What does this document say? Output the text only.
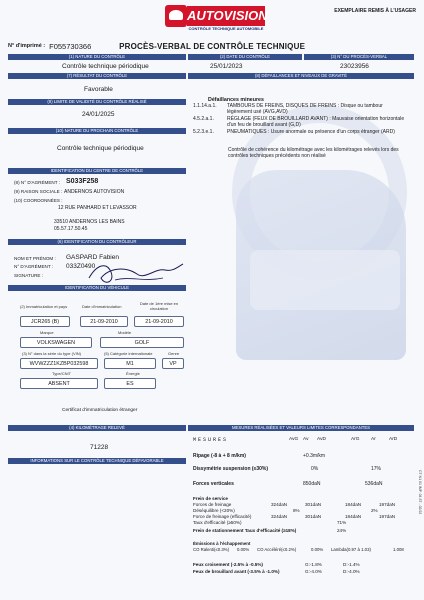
AUTOVISION
CONTRÔLE TECHNIQUE AUTOMOBILE
EXEMPLAIRE REMIS À L'USAGER
N° d'imprimé : F055730366	PROCÈS-VERBAL DE CONTRÔLE TECHNIQUE
(1) NATURE DU CONTRÔLE	(2) DATE DU CONTRÔLE	(3) N° DU PROCÈS-VERBAL
Contrôle technique périodique	25/01/2023	23023956
(7) RÉSULTAT DU CONTRÔLE	(8) DÉFAILLANCES ET NIVEAUX DE GRAVITÉ
Favorable
(9) LIMITE DE VALIDITÉ DU CONTRÔLE RÉALISÉ
24/01/2025
(10) NATURE DU PROCHAIN CONTRÔLE
Contrôle technique périodique
Défaillances mineures
1.1.14.a.1. TAMBOURS DE FREINS, DISQUES DE FREINS : Disque ou tambour légèrement usé (AVG,AVD)
4.5.2.a.1.	RÉGLAGE (FEUX DE BROUILLARD AVANT) : Mauvaise orientation horizontale d'un feu de brouillard avant (G,D)
5.2.3.e.1.	PNEUMATIQUES : Usure anormale ou présence d'un corps étranger (ARD)
Contrôle de cohérence du kilométrage avec les kilométrages relevés lors des contrôles techniques précédents non réalisé
IDENTIFICATION DU CENTRE DE CONTRÔLE
(8) N° D'AGRÉMENT : S033F258
(9) RAISON SOCIALE : ANDERNOS AUTOVISION
(10) COORDONNÉES :
12 RUE PANHARD ET LEVASSOR
33510 ANDERNOS LES BAINS
05.57.17.50.45
(6) IDENTIFICATION DU CONTRÔLEUR
NOM ET PRÉNOM : GASPARD Fabien
N° D'AGRÉMENT : 033Z0490
SIGNATURE :
IDENTIFICATION DU VÉHICULE
(2) Immatriculation et pays	Date d'immatriculation
Date de 1ère mise en circulation
JCR265 (B)	21-09-2010	21-09-2010
Marque	Modèle
VOLKSWAGEN	GOLF
(3) N° dans la série du type (VIN)	(5) Catégorie internationale	Genre
WVWZZZ1KZBP032598	M1	VP
Type/CNIT	Énergie
ABSENT	ES
Certificat d'immatriculation étranger
(4) KILOMÉTRAGE RELEVÉ
71228
INFORMATIONS SUR LE CONTRÔLE TECHNIQUE DÉFAVORABLE
MESURES RÉALISÉES ET VALEURS LIMITES CORRESPONDANTES
MESURES	AvG Av AvD	ArG Ar	ArD
Ripage (-8 à + 8 m/km)	+0.3m/km
Dissymétrie suspension (≤30%)	0%	17%
Forces verticales	850daN	536daN
Frein de service
Forces de freinage	324daN	301daN	184daN	197daN
Déséquilibre (<20%)	8%	2%
Force de freinage (efficacité)	324daN	301daN	184daN	197daN
Taux d'efficacité (≥50%)	71%
Frein de stationnement Taux d'efficacité (≥18%)	24%
Émissions à l'échappement
CO Ralenti(≤0.3%) 0.00% CO Accéléré(≤0.2%)	0.00% Lambda(0.97 à 1.03)	1.008
Feux croisement (-2.5% à -0.5%)	G:-1.8%	D:-1.4%
Feux de brouillard avant (-3.5% à -1.0%)	G:-4.0%	D:-4.0%
CT N1 01 IMP. 04 8T - 02/22
